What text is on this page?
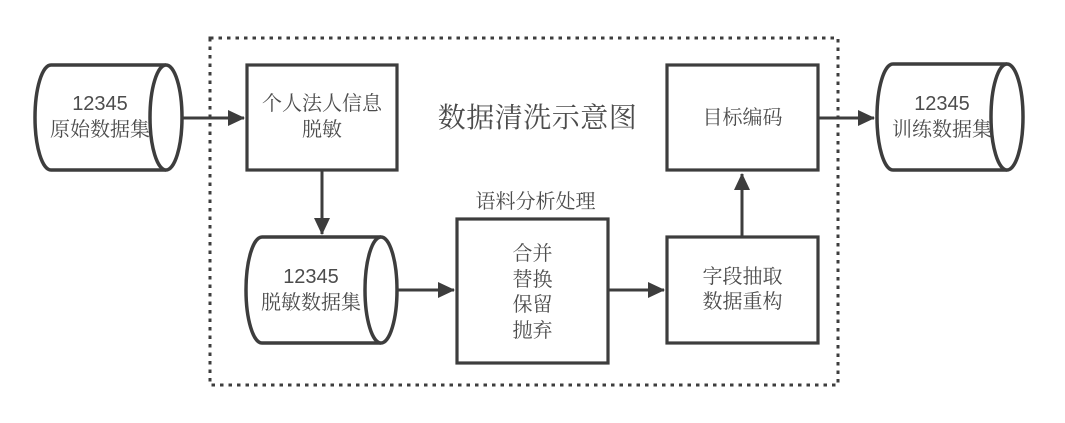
数据清洗示意图
12345
原始数据集
个人法人信息
脱敏
12345
脱敏数据集
语料分析处理
合并
替换
保留
抛弃
字段抽取
数据重构
目标编码
12345
训练数据集
